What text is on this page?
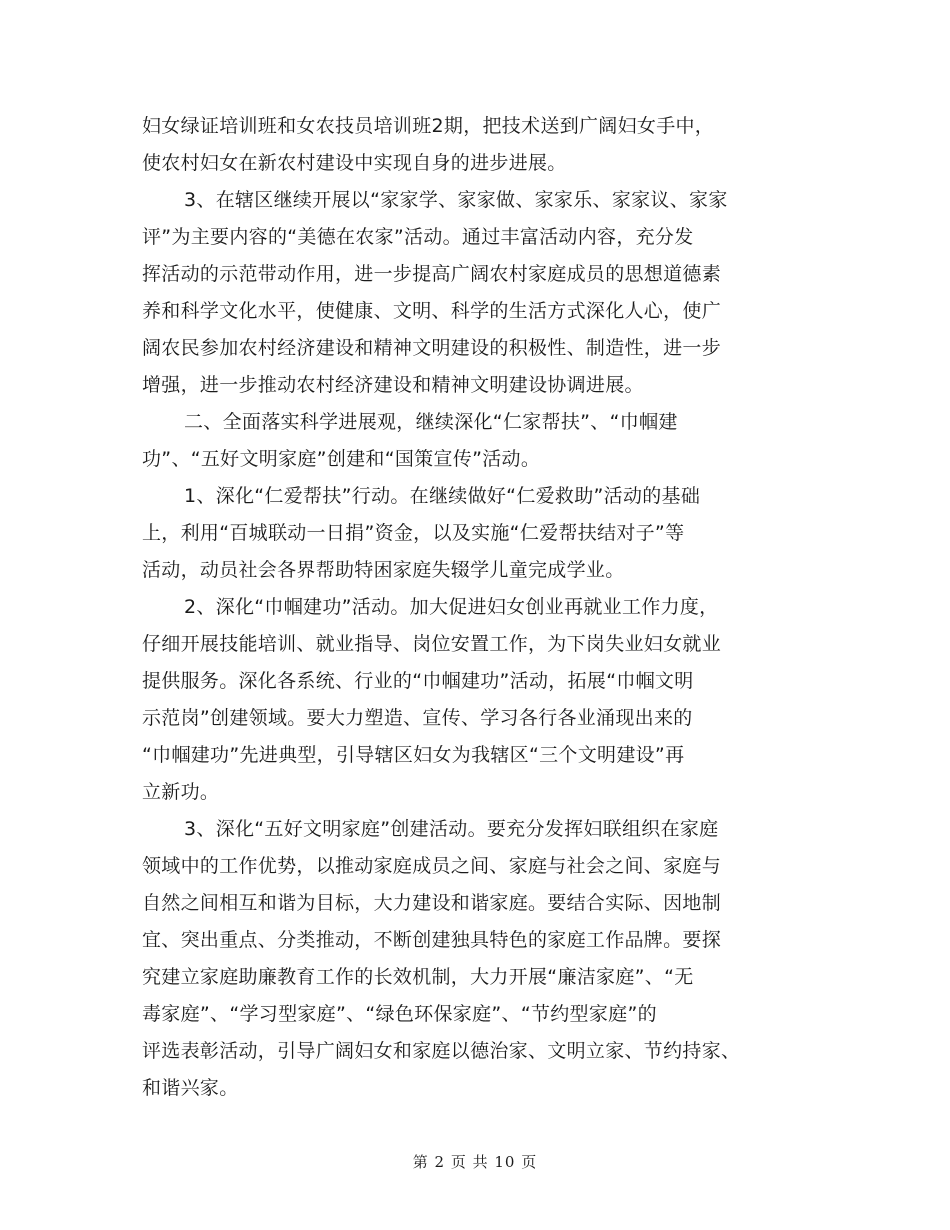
妇女绿证培训班和女农技员培训班2期，把技术送到广阔妇女手中，
使农村妇女在新农村建设中实现自身的进步进展。
3、在辖区继续开展以“家家学、家家做、家家乐、家家议、家家
评”为主要内容的“美德在农家”活动。通过丰富活动内容，充分发
挥活动的示范带动作用，进一步提高广阔农村家庭成员的思想道德素
养和科学文化水平，使健康、文明、科学的生活方式深化人心，使广
阔农民参加农村经济建设和精神文明建设的积极性、制造性，进一步
增强，进一步推动农村经济建设和精神文明建设协调进展。
二、全面落实科学进展观，继续深化“仁家帮扶”、“巾帼建
功”、“五好文明家庭”创建和“国策宣传”活动。
1、深化“仁爱帮扶”行动。在继续做好“仁爱救助”活动的基础
上，利用“百城联动一日捐”资金，以及实施“仁爱帮扶结对子”等
活动，动员社会各界帮助特困家庭失辍学儿童完成学业。
2、深化“巾帼建功”活动。加大促进妇女创业再就业工作力度，
仔细开展技能培训、就业指导、岗位安置工作，为下岗失业妇女就业
提供服务。深化各系统、行业的“巾帼建功”活动，拓展“巾帼文明
示范岗”创建领域。要大力塑造、宣传、学习各行各业涌现出来的
“巾帼建功”先进典型，引导辖区妇女为我辖区“三个文明建设”再
立新功。
3、深化“五好文明家庭”创建活动。要充分发挥妇联组织在家庭
领域中的工作优势，以推动家庭成员之间、家庭与社会之间、家庭与
自然之间相互和谐为目标，大力建设和谐家庭。要结合实际、因地制
宜、突出重点、分类推动，不断创建独具特色的家庭工作品牌。要探
究建立家庭助廉教育工作的长效机制，大力开展“廉洁家庭”、“无
毒家庭”、“学习型家庭”、“绿色环保家庭”、“节约型家庭”的
评选表彰活动，引导广阔妇女和家庭以德治家、文明立家、节约持家、
和谐兴家。
第 2 页 共 10 页
